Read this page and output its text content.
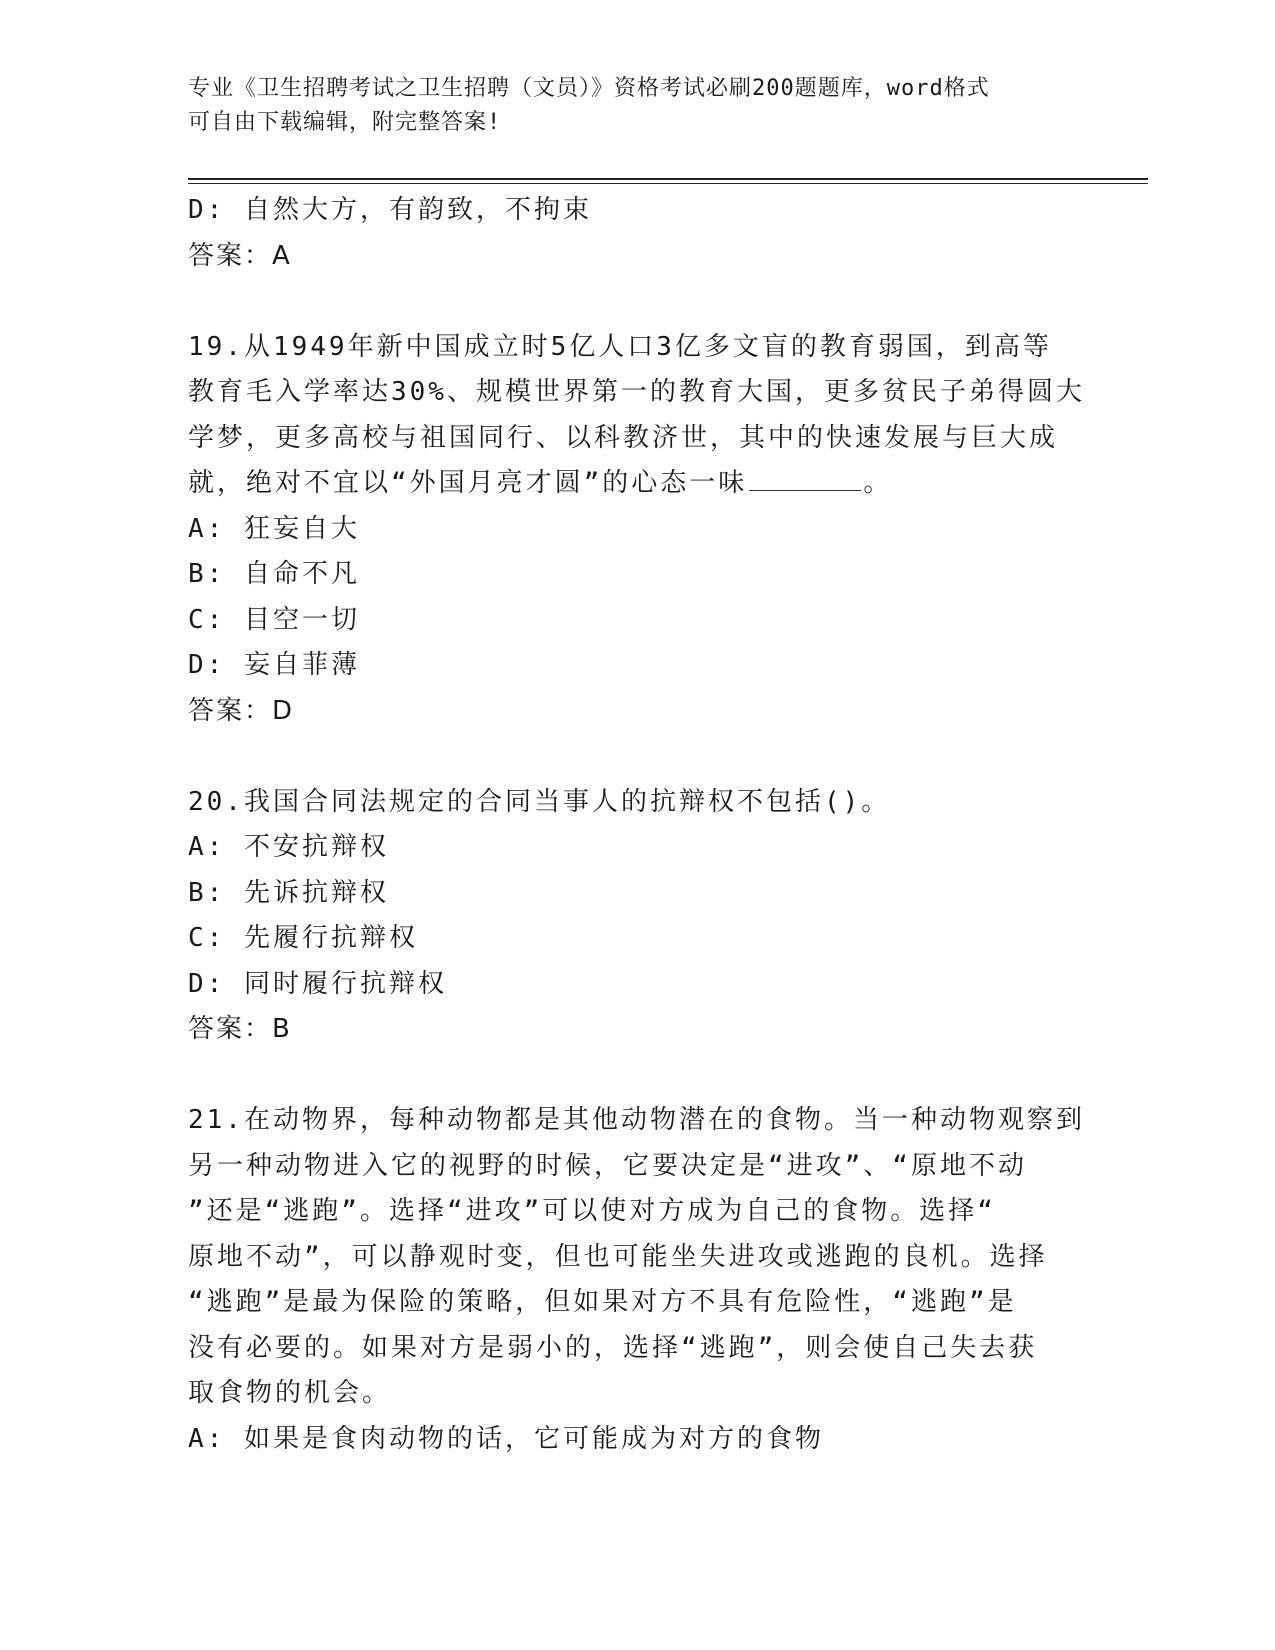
专业《卫生招聘考试之卫生招聘（文员）》资格考试必刷200题题库，word格式
可自由下载编辑，附完整答案!
D: 自然大方，有韵致，不拘束
答案：A
19.从1949年新中国成立时5亿人口3亿多文盲的教育弱国，到高等
教育毛入学率达30%、规模世界第一的教育大国，更多贫民子弟得圆大
学梦，更多高校与祖国同行、以科教济世，其中的快速发展与巨大成
就，绝对不宜以“外国月亮才圆”的心态一味	。
A: 狂妄自大
B: 自命不凡
C: 目空一切
D: 妄自菲薄
答案：D
20.我国合同法规定的合同当事人的抗辩权不包括()。
A: 不安抗辩权
B: 先诉抗辩权
C: 先履行抗辩权
D: 同时履行抗辩权
答案：B
21.在动物界，每种动物都是其他动物潜在的食物。当一种动物观察到
另一种动物进入它的视野的时候，它要决定是“进攻”、“原地不动
”还是“逃跑”。选择“进攻”可以使对方成为自己的食物。选择“
原地不动”，可以静观时变，但也可能坐失进攻或逃跑的良机。选择
“逃跑”是最为保险的策略，但如果对方不具有危险性，“逃跑”是
没有必要的。如果对方是弱小的，选择“逃跑”，则会使自己失去获
取食物的机会。
A: 如果是食肉动物的话，它可能成为对方的食物
